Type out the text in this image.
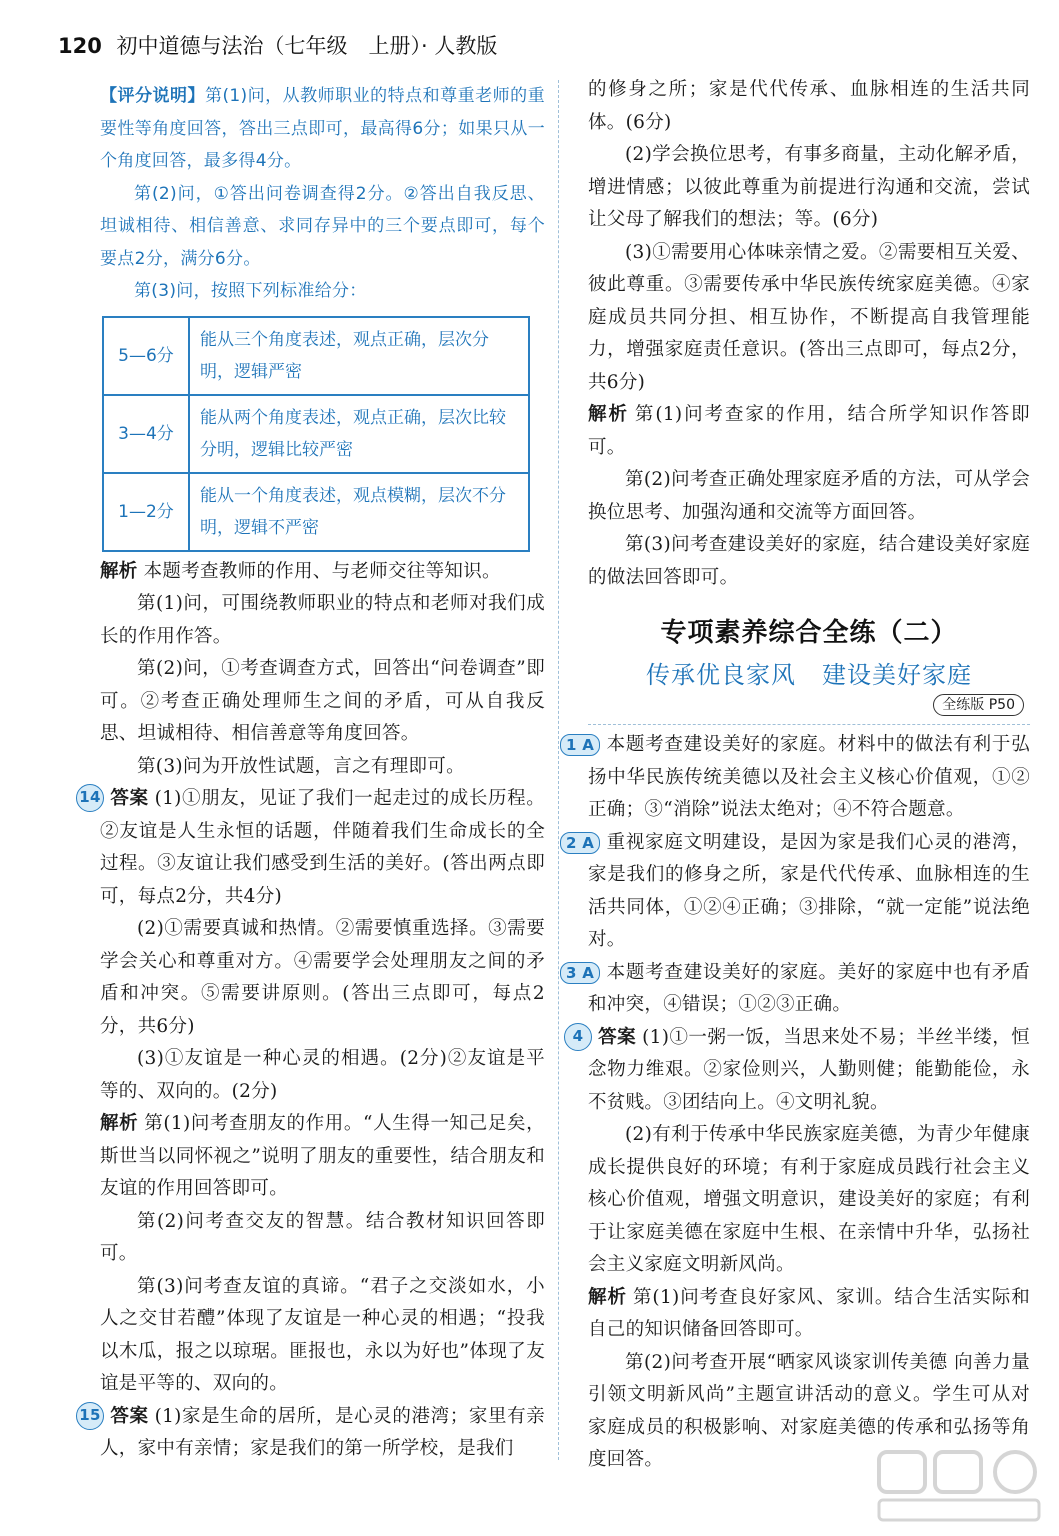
120 初中道德与法治（七年级　上册）· 人教版

【评分说明】第(1)问，从教师职业的特点和尊重老师的重要性等角度回答，答出三点即可，最高得6分；如果只从一个角度回答，最多得4分。

第(2)问，①答出问卷调查得2分。②答出自我反思、坦诚相待、相信善意、求同存异中的三个要点即可，每个要点2分，满分6分。

第(3)问，按照下列标准给分：

5—6分	能从三个角度表述，观点正确，层次分明，逻辑严密
3—4分	能从两个角度表述，观点正确，层次比较分明，逻辑比较严密
1—2分	能从一个角度表述，观点模糊，层次不分明，逻辑不严密

解析 本题考查教师的作用、与老师交往等知识。

第(1)问，可围绕教师职业的特点和老师对我们成长的作用作答。

第(2)问，①考查调查方式，回答出“问卷调查”即可。②考查正确处理师生之间的矛盾，可从自我反思、坦诚相待、相信善意等角度回答。

第(3)问为开放性试题，言之有理即可。

14 答案 (1)①朋友，见证了我们一起走过的成长历程。②友谊是人生永恒的话题，伴随着我们生命成长的全过程。③友谊让我们感受到生活的美好。(答出两点即可，每点2分，共4分)

(2)①需要真诚和热情。②需要慎重选择。③需要学会关心和尊重对方。④需要学会处理朋友之间的矛盾和冲突。⑤需要讲原则。(答出三点即可，每点2分，共6分)

(3)①友谊是一种心灵的相遇。(2分)②友谊是平等的、双向的。(2分)

解析 第(1)问考查朋友的作用。“人生得一知己足矣，斯世当以同怀视之”说明了朋友的重要性，结合朋友和友谊的作用回答即可。

第(2)问考查交友的智慧。结合教材知识回答即可。

第(3)问考查友谊的真谛。“君子之交淡如水，小人之交甘若醴”体现了友谊是一种心灵的相遇；“投我以木瓜，报之以琼琚。匪报也，永以为好也”体现了友谊是平等的、双向的。

15 答案 (1)家是生命的居所，是心灵的港湾；家里有亲人，家中有亲情；家是我们的第一所学校，是我们

的修身之所；家是代代传承、血脉相连的生活共同体。(6分)

(2)学会换位思考，有事多商量，主动化解矛盾，增进情感；以彼此尊重为前提进行沟通和交流，尝试让父母了解我们的想法；等。(6分)

(3)①需要用心体味亲情之爱。②需要相互关爱、彼此尊重。③需要传承中华民族传统家庭美德。④家庭成员共同分担、相互协作，不断提高自我管理能力，增强家庭责任意识。(答出三点即可，每点2分，共6分)

解析 第(1)问考查家的作用，结合所学知识作答即可。

第(2)问考查正确处理家庭矛盾的方法，可从学会换位思考、加强沟通和交流等方面回答。

第(3)问考查建设美好的家庭，结合建设美好家庭的做法回答即可。

专项素养综合全练（二）
传承优良家风 建设美好家庭
全练版 P50

1 A 本题考查建设美好的家庭。材料中的做法有利于弘扬中华民族传统美德以及社会主义核心价值观，①②正确；③“消除”说法太绝对；④不符合题意。

2 A 重视家庭文明建设，是因为家是我们心灵的港湾，家是我们的修身之所，家是代代传承、血脉相连的生活共同体，①②④正确；③排除，“就一定能”说法绝对。

3 A 本题考查建设美好的家庭。美好的家庭中也有矛盾和冲突，④错误；①②③正确。

4 答案 (1)①一粥一饭，当思来处不易；半丝半缕，恒念物力维艰。②家俭则兴，人勤则健；能勤能俭，永不贫贱。③团结向上。④文明礼貌。

(2)有利于传承中华民族家庭美德，为青少年健康成长提供良好的环境；有利于家庭成员践行社会主义核心价值观，增强文明意识，建设美好的家庭；有利于让家庭美德在家庭中生根、在亲情中升华，弘扬社会主义家庭文明新风尚。

解析 第(1)问考查良好家风、家训。结合生活实际和自己的知识储备回答即可。

第(2)问考查开展“晒家风谈家训传美德 向善力量引领文明新风尚”主题宣讲活动的意义。学生可从对家庭成员的积极影响、对家庭美德的传承和弘扬等角度回答。
